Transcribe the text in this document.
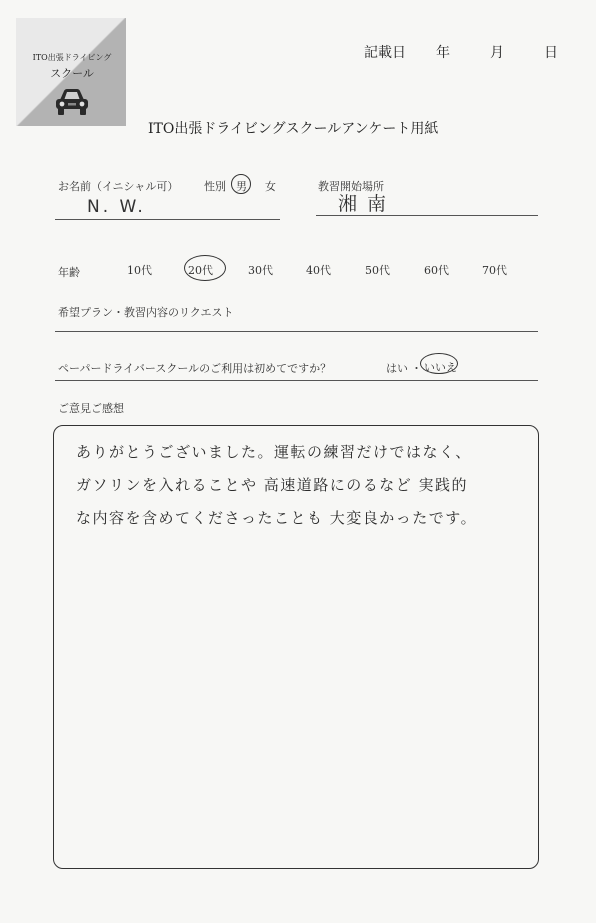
ITO出張ドライビング
スクール
記載日 年	月	日
ITO出張ドライビングスクールアンケート用紙
お名前（イニシャル可）
N. W.
性別 男 女	教習開始場所
湘南
年齢	10代	20代	30代	40代	50代	60代	70代
希望プラン・教習内容のリクエスト
ペーパードライバースクールのご利用は初めてですか？	はい ・ いいえ
ご意見ご感想
ありがとうございました。運転の練習だけではなく、
ガソリンを入れることや 高速道路にのるなど 実践的
な内容を含めてくださったことも 大変良かったです。
